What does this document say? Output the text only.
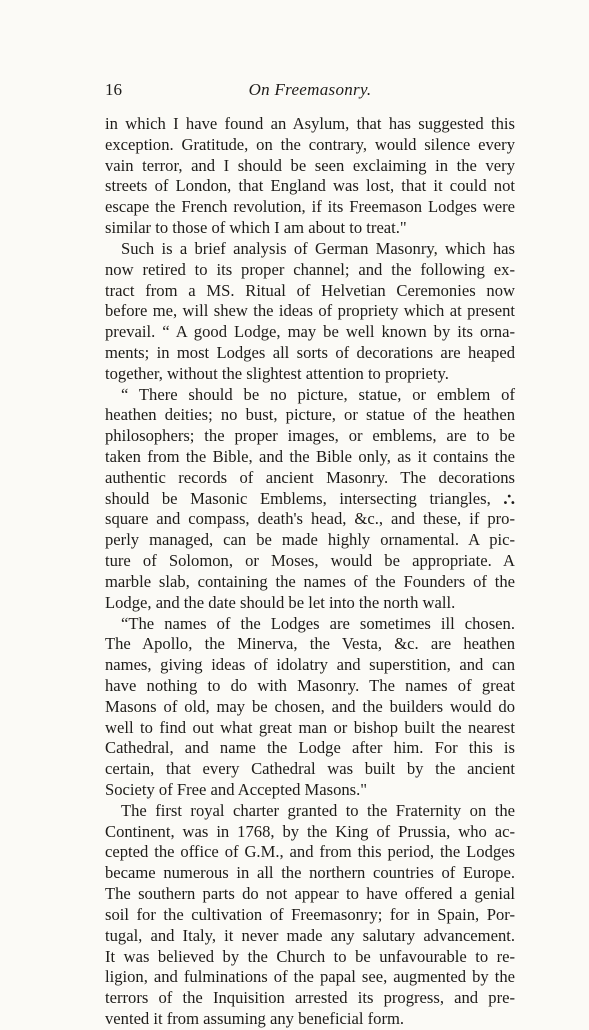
16	On Freemasonry.
in which I have found an Asylum, that has suggested this
exception. Gratitude, on the contrary, would silence every
vain terror, and I should be seen exclaiming in the very
streets of London, that England was lost, that it could not
escape the French revolution, if its Freemason Lodges were
similar to those of which I am about to treat."
Such is a brief analysis of German Masonry, which has
now retired to its proper channel; and the following ex-
tract from a MS. Ritual of Helvetian Ceremonies now
before me, will shew the ideas of propriety which at present
prevail. “ A good Lodge, may be well known by its orna-
ments; in most Lodges all sorts of decorations are heaped
together, without the slightest attention to propriety.
“ There should be no picture, statue, or emblem of
heathen deities; no bust, picture, or statue of the heathen
philosophers; the proper images, or emblems, are to be
taken from the Bible, and the Bible only, as it contains the
authentic records of ancient Masonry. The decorations
should be Masonic Emblems, intersecting triangles, ⛬
square and compass, death's head, &c., and these, if pro-
perly managed, can be made highly ornamental. A pic-
ture of Solomon, or Moses, would be appropriate. A
marble slab, containing the names of the Founders of the
Lodge, and the date should be let into the north wall.
“The names of the Lodges are sometimes ill chosen.
The Apollo, the Minerva, the Vesta, &c. are heathen
names, giving ideas of idolatry and superstition, and can
have nothing to do with Masonry. The names of great
Masons of old, may be chosen, and the builders would do
well to find out what great man or bishop built the nearest
Cathedral, and name the Lodge after him. For this is
certain, that every Cathedral was built by the ancient
Society of Free and Accepted Masons."
The first royal charter granted to the Fraternity on the
Continent, was in 1768, by the King of Prussia, who ac-
cepted the office of G.M., and from this period, the Lodges
became numerous in all the northern countries of Europe.
The southern parts do not appear to have offered a genial
soil for the cultivation of Freemasonry; for in Spain, Por-
tugal, and Italy, it never made any salutary advancement.
It was believed by the Church to be unfavourable to re-
ligion, and fulminations of the papal see, augmented by the
terrors of the Inquisition arrested its progress, and pre-
vented it from assuming any beneficial form.
